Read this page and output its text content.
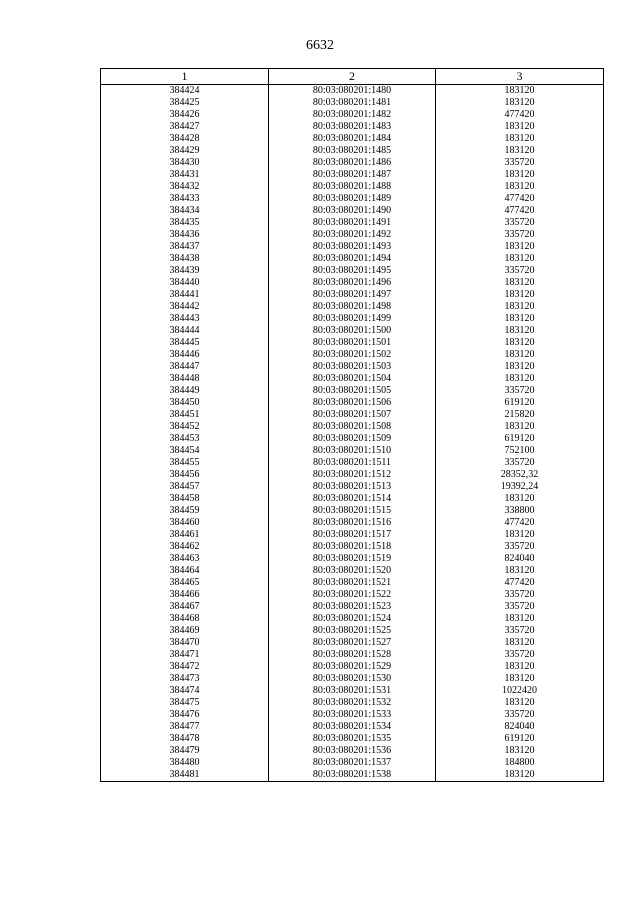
6632
1	2	3
384424	80:03:080201:1480	183120
384425	80:03:080201:1481	183120
384426	80:03:080201:1482	477420
384427	80:03:080201:1483	183120
384428	80:03:080201:1484	183120
384429	80:03:080201:1485	183120
384430	80:03:080201:1486	335720
384431	80:03:080201:1487	183120
384432	80:03:080201:1488	183120
384433	80:03:080201:1489	477420
384434	80:03:080201:1490	477420
384435	80:03:080201:1491	335720
384436	80:03:080201:1492	335720
384437	80:03:080201:1493	183120
384438	80:03:080201:1494	183120
384439	80:03:080201:1495	335720
384440	80:03:080201:1496	183120
384441	80:03:080201:1497	183120
384442	80:03:080201:1498	183120
384443	80:03:080201:1499	183120
384444	80:03:080201:1500	183120
384445	80:03:080201:1501	183120
384446	80:03:080201:1502	183120
384447	80:03:080201:1503	183120
384448	80:03:080201:1504	183120
384449	80:03:080201:1505	335720
384450	80:03:080201:1506	619120
384451	80:03:080201:1507	215820
384452	80:03:080201:1508	183120
384453	80:03:080201:1509	619120
384454	80:03:080201:1510	752100
384455	80:03:080201:1511	335720
384456	80:03:080201:1512	28352,32
384457	80:03:080201:1513	19392,24
384458	80:03:080201:1514	183120
384459	80:03:080201:1515	338800
384460	80:03:080201:1516	477420
384461	80:03:080201:1517	183120
384462	80:03:080201:1518	335720
384463	80:03:080201:1519	824040
384464	80:03:080201:1520	183120
384465	80:03:080201:1521	477420
384466	80:03:080201:1522	335720
384467	80:03:080201:1523	335720
384468	80:03:080201:1524	183120
384469	80:03:080201:1525	335720
384470	80:03:080201:1527	183120
384471	80:03:080201:1528	335720
384472	80:03:080201:1529	183120
384473	80:03:080201:1530	183120
384474	80:03:080201:1531	1022420
384475	80:03:080201:1532	183120
384476	80:03:080201:1533	335720
384477	80:03:080201:1534	824040
384478	80:03:080201:1535	619120
384479	80:03:080201:1536	183120
384480	80:03:080201:1537	184800
384481	80:03:080201:1538	183120
